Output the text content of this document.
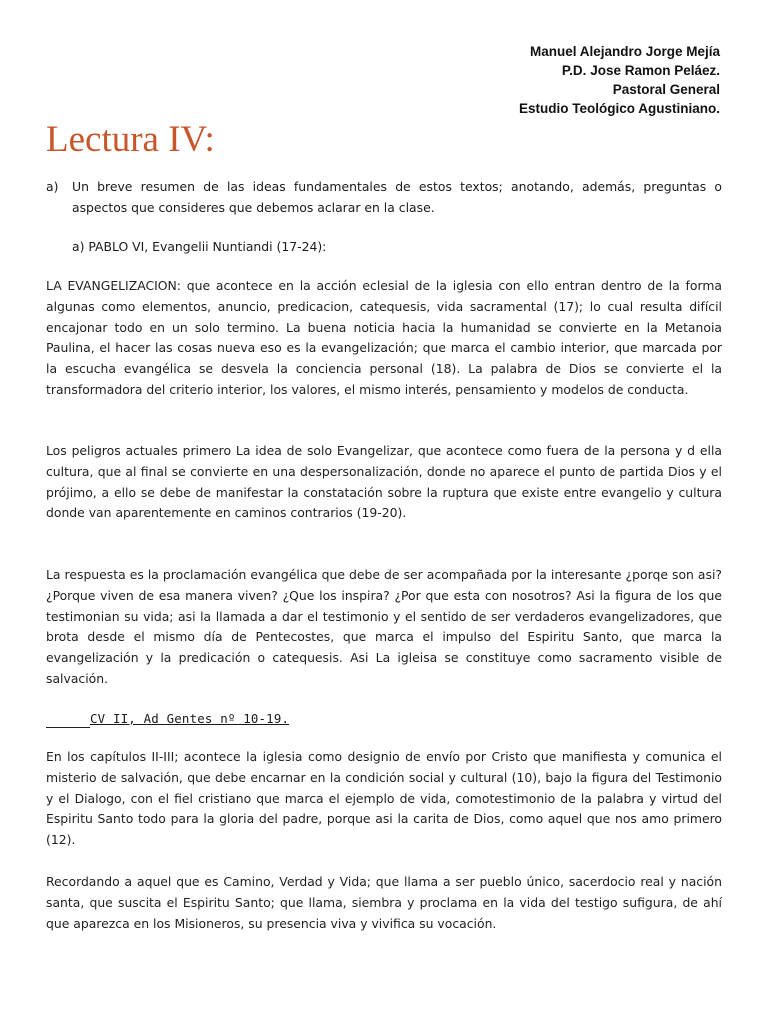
Manuel Alejandro Jorge Mejía
P.D. Jose Ramon Peláez.
Pastoral General
Estudio Teológico Agustiniano.
Lectura IV:
a) Un breve resumen de las ideas fundamentales de estos textos; anotando, además, preguntas o aspectos que consideres que debemos aclarar en la clase.

a) PABLO VI, Evangelii Nuntiandi (17-24):

LA EVANGELIZACION: que acontece en la acción eclesial de la iglesia con ello entran dentro de la forma algunas como elementos, anuncio, predicacion, catequesis, vida sacramental (17); lo cual resulta difícil encajonar todo en un solo termino. La buena noticia hacia la humanidad se convierte en la Metanoia Paulina, el hacer las cosas nueva eso es la evangelización; que marca el cambio interior, que marcada por la escucha evangélica se desvela la conciencia personal (18). La palabra de Dios se convierte el la transformadora del criterio interior, los valores, el mismo interés, pensamiento y modelos de conducta.

Los peligros actuales primero La idea de solo Evangelizar, que acontece como fuera de la persona y d ella cultura, que al final se convierte en una despersonalización, donde no aparece el punto de partida Dios y el prójimo, a ello se debe de manifestar la constatación sobre la ruptura que existe entre evangelio y cultura donde van aparentemente en caminos contrarios (19-20).

La respuesta es la proclamación evangélica que debe de ser acompañada por la interesante ¿porqe son asi? ¿Porque viven de esa manera viven? ¿Que los inspira? ¿Por que esta con nosotros? Asi la figura de los que testimonian su vida; asi la llamada a dar el testimonio y el sentido de ser verdaderos evangelizadores, que brota desde el mismo día de Pentecostes, que marca el impulso del Espiritu Santo, que marca la evangelización y la predicación o catequesis. Asi La igleisa se constituye como sacramento visible de salvación.

CV II, Ad Gentes nº 10-19.

En los capítulos II-III; acontece la iglesia como designio de envío por Cristo que manifiesta y comunica el misterio de salvación, que debe encarnar en la condición social y cultural (10), bajo la figura del Testimonio y el Dialogo, con el fiel cristiano que marca el ejemplo de vida, comotestimonio de la palabra y virtud del Espiritu Santo todo para la gloria del padre, porque asi la carita de Dios, como aquel que nos amo primero (12).

Recordando a aquel que es Camino, Verdad y Vida; que llama a ser pueblo único, sacerdocio real y nación santa, que suscita el Espiritu Santo; que llama, siembra y proclama en la vida del testigo sufigura, de ahí que aparezca en los Misioneros, su presencia viva y vivifica su vocación.
